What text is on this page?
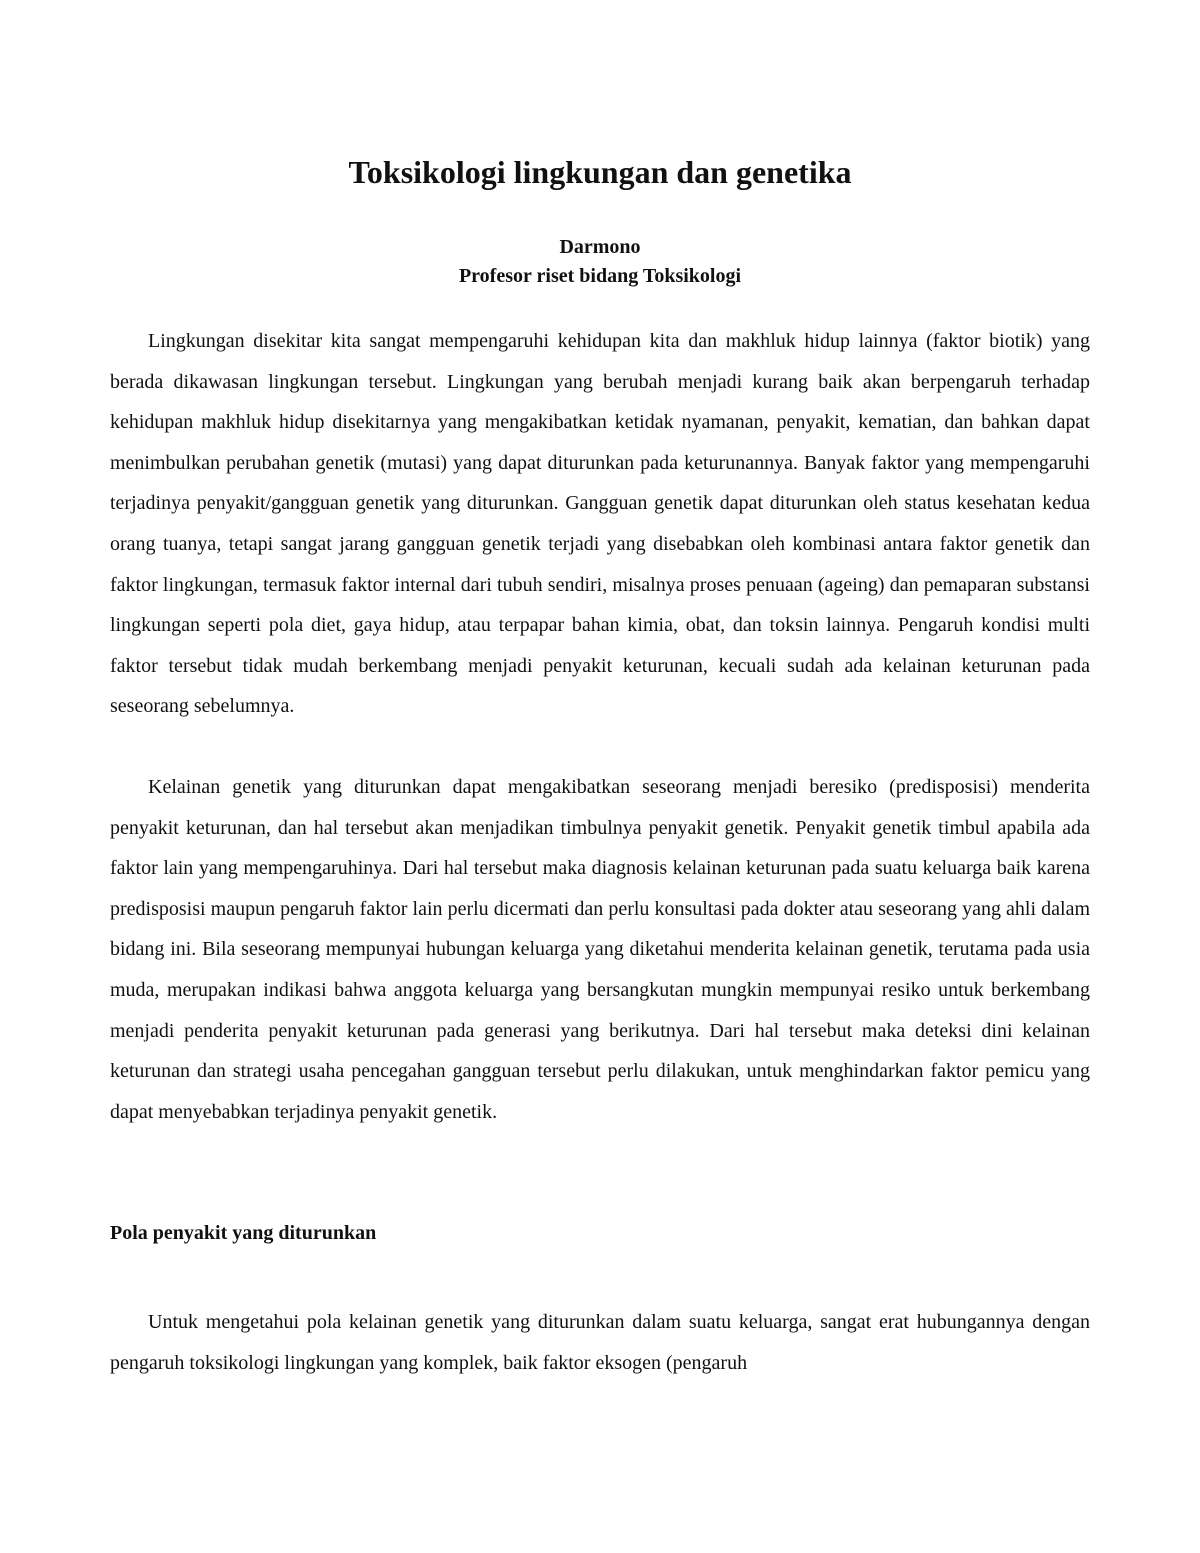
Toksikologi lingkungan dan genetika
Darmono
Profesor riset bidang Toksikologi

Lingkungan disekitar kita sangat mempengaruhi kehidupan kita dan makhluk hidup lainnya (faktor biotik) yang berada dikawasan lingkungan tersebut. Lingkungan yang berubah menjadi kurang baik akan berpengaruh terhadap kehidupan makhluk hidup disekitarnya yang mengakibatkan ketidak nyamanan, penyakit, kematian, dan bahkan dapat menimbulkan perubahan genetik (mutasi) yang dapat diturunkan pada keturunannya. Banyak faktor yang mempengaruhi terjadinya penyakit/gangguan genetik yang diturunkan. Gangguan genetik dapat diturunkan oleh status kesehatan kedua orang tuanya, tetapi sangat jarang gangguan genetik terjadi yang disebabkan oleh kombinasi antara faktor genetik dan faktor lingkungan, termasuk faktor internal dari tubuh sendiri, misalnya proses penuaan (ageing) dan pemaparan substansi lingkungan seperti pola diet, gaya hidup, atau terpapar bahan kimia, obat, dan toksin lainnya. Pengaruh kondisi multi faktor tersebut tidak mudah berkembang menjadi penyakit keturunan, kecuali sudah ada kelainan keturunan pada seseorang sebelumnya.

Kelainan genetik yang diturunkan dapat mengakibatkan seseorang menjadi beresiko (predisposisi) menderita penyakit keturunan, dan hal tersebut akan menjadikan timbulnya penyakit genetik. Penyakit genetik timbul apabila ada faktor lain yang mempengaruhinya. Dari hal tersebut maka diagnosis kelainan keturunan pada suatu keluarga baik karena predisposisi maupun pengaruh faktor lain perlu dicermati dan perlu konsultasi pada dokter atau seseorang yang ahli dalam bidang ini. Bila seseorang mempunyai hubungan keluarga yang diketahui menderita kelainan genetik, terutama pada usia muda, merupakan indikasi bahwa anggota keluarga yang bersangkutan mungkin mempunyai resiko untuk berkembang menjadi penderita penyakit keturunan pada generasi yang berikutnya. Dari hal tersebut maka deteksi dini kelainan keturunan dan strategi usaha pencegahan gangguan tersebut perlu dilakukan, untuk menghindarkan faktor pemicu yang dapat menyebabkan terjadinya penyakit genetik.

Pola penyakit yang diturunkan

Untuk mengetahui pola kelainan genetik yang diturunkan dalam suatu keluarga, sangat erat hubungannya dengan pengaruh toksikologi lingkungan yang komplek, baik faktor eksogen (pengaruh
